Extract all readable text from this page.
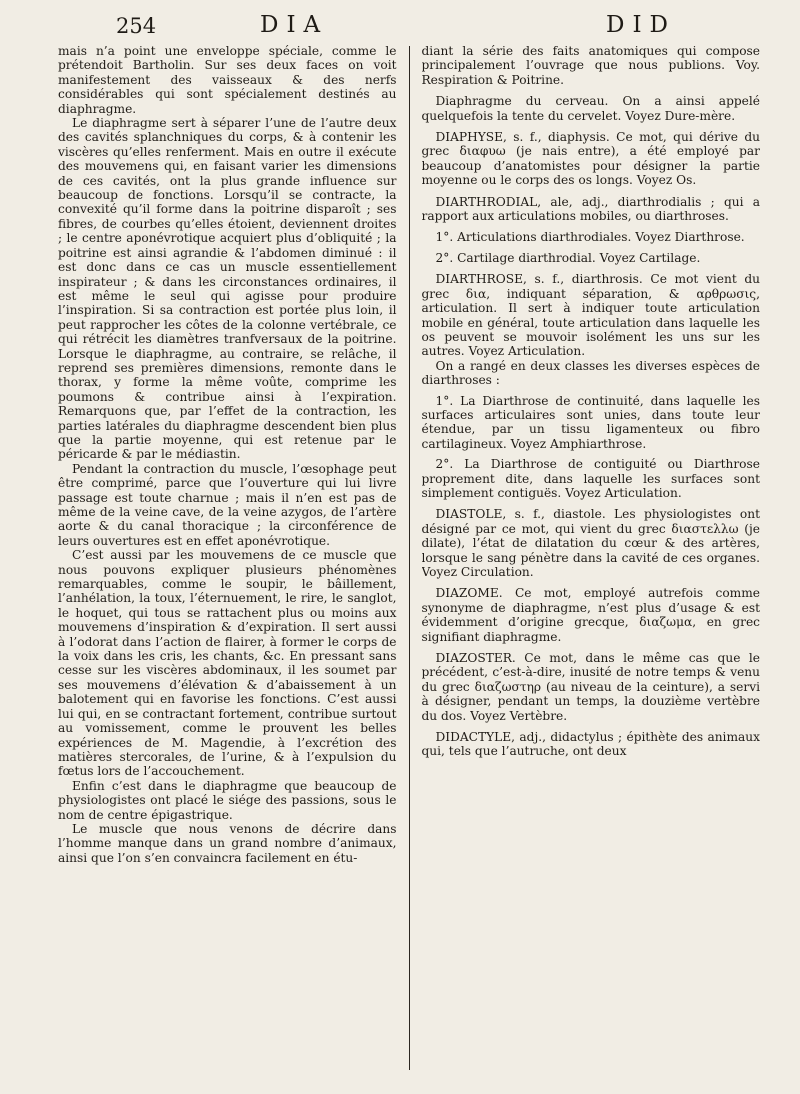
254	DIA	DID

mais n’a point une enveloppe spéciale, comme le prétendoit Bartholin. Sur ses deux faces on voit manifestement des vaisseaux & des nerfs considérables qui sont spécialement destinés au diaphragme.

Le diaphragme sert à séparer l’une de l’autre deux des cavités splanchniques du corps, & à contenir les viscères qu’elles renferment. Mais en outre il exécute des mouvemens qui, en faisant varier les dimensions de ces cavités, ont la plus grande influence sur beaucoup de fonctions. Lorsqu’il se contracte, la convexité qu’il forme dans la poitrine disparoît ; ses fibres, de courbes qu’elles étoient, deviennent droites ; le centre aponévrotique acquiert plus d’obliquité ; la poitrine est ainsi agrandie & l’abdomen diminué : il est donc dans ce cas un muscle essentiellement inspirateur ; & dans les circonstances ordinaires, il est même le seul qui agisse pour produire l’inspiration. Si sa contraction est portée plus loin, il peut rapprocher les côtes de la colonne vertébrale, ce qui rétrécit les diamètres tranfversaux de la poitrine. Lorsque le diaphragme, au contraire, se relâche, il reprend ses premières dimensions, remonte dans le thorax, y forme la même voûte, comprime les poumons & contribue ainsi à l’expiration. Remarquons que, par l’effet de la contraction, les parties latérales du diaphragme descendent bien plus que la partie moyenne, qui est retenue par le péricarde & par le médiastin.

Pendant la contraction du muscle, l’œsophage peut être comprimé, parce que l’ouverture qui lui livre passage est toute charnue ; mais il n’en est pas de même de la veine cave, de la veine azygos, de l’artère aorte & du canal thoracique ; la circonférence de leurs ouvertures est en effet aponévrotique.

C’est aussi par les mouvemens de ce muscle que nous pouvons expliquer plusieurs phénomènes remarquables, comme le soupir, le bâillement, l’anhélation, la toux, l’éternuement, le rire, le sanglot, le hoquet, qui tous se rattachent plus ou moins aux mouvemens d’inspiration & d’expiration. Il sert aussi à l’odorat dans l’action de flairer, à former le corps de la voix dans les cris, les chants, &c. En pressant sans cesse sur les viscères abdominaux, il les soumet par ses mouvemens d’élévation & d’abaissement à un balotement qui en favorise les fonctions. C’est aussi lui qui, en se contractant fortement, contribue surtout au vomissement, comme le prouvent les belles expériences de M. Magendie, à l’excrétion des matières stercorales, de l’urine, & à l’expulsion du fœtus lors de l’accouchement.

Enfin c’est dans le diaphragme que beaucoup de physiologistes ont placé le siége des passions, sous le nom de centre épigastrique.

Le muscle que nous venons de décrire dans l’homme manque dans un grand nombre d’animaux, ainsi que l’on s’en convaincra facilement en étu-

diant la série des faits anatomiques qui compose principalement l’ouvrage que nous publions. Voy. Respiration & Poitrine.

Diaphragme du cerveau. On a ainsi appelé quelquefois la tente du cervelet. Voyez Dure-mère.

DIAPHYSE, s. f., diaphysis. Ce mot, qui dérive du grec διαφυω (je nais entre), a été employé par beaucoup d’anatomistes pour désigner la partie moyenne ou le corps des os longs. Voyez Os.

DIARTHRODIAL, ale, adj., diarthrodialis ; qui a rapport aux articulations mobiles, ou diarthroses.

1°. Articulations diarthrodiales. Voyez Diarthrose.

2°. Cartilage diarthrodial. Voyez Cartilage.

DIARTHROSE, s. f., diarthrosis. Ce mot vient du grec δια, indiquant séparation, & αρθρωσις, articulation. Il sert à indiquer toute articulation mobile en général, toute articulation dans laquelle les os peuvent se mouvoir isolément les uns sur les autres. Voyez Articulation.

On a rangé en deux classes les diverses espèces de diarthroses :

1°. La Diarthrose de continuité, dans laquelle les surfaces articulaires sont unies, dans toute leur étendue, par un tissu ligamenteux ou fibro cartilagineux. Voyez Amphiarthrose.

2°. La Diarthrose de contiguité ou Diarthrose proprement dite, dans laquelle les surfaces sont simplement contiguës. Voyez Articulation.

DIASTOLE, s. f., diastole. Les physiologistes ont désigné par ce mot, qui vient du grec διαστελλω (je dilate), l’état de dilatation du cœur & des artères, lorsque le sang pénètre dans la cavité de ces organes. Voyez Circulation.

DIAZOME. Ce mot, employé autrefois comme synonyme de diaphragme, n’est plus d’usage & est évidemment d’origine grecque, διαζωμα, en grec signifiant diaphragme.

DIAZOSTER. Ce mot, dans le même cas que le précédent, c’est-à-dire, inusité de notre temps & venu du grec διαζωστηρ (au niveau de la ceinture), a servi à désigner, pendant un temps, la douzième vertèbre du dos. Voyez Vertèbre.

DIDACTYLE, adj., didactylus ; épithète des animaux qui, tels que l’autruche, ont deux
